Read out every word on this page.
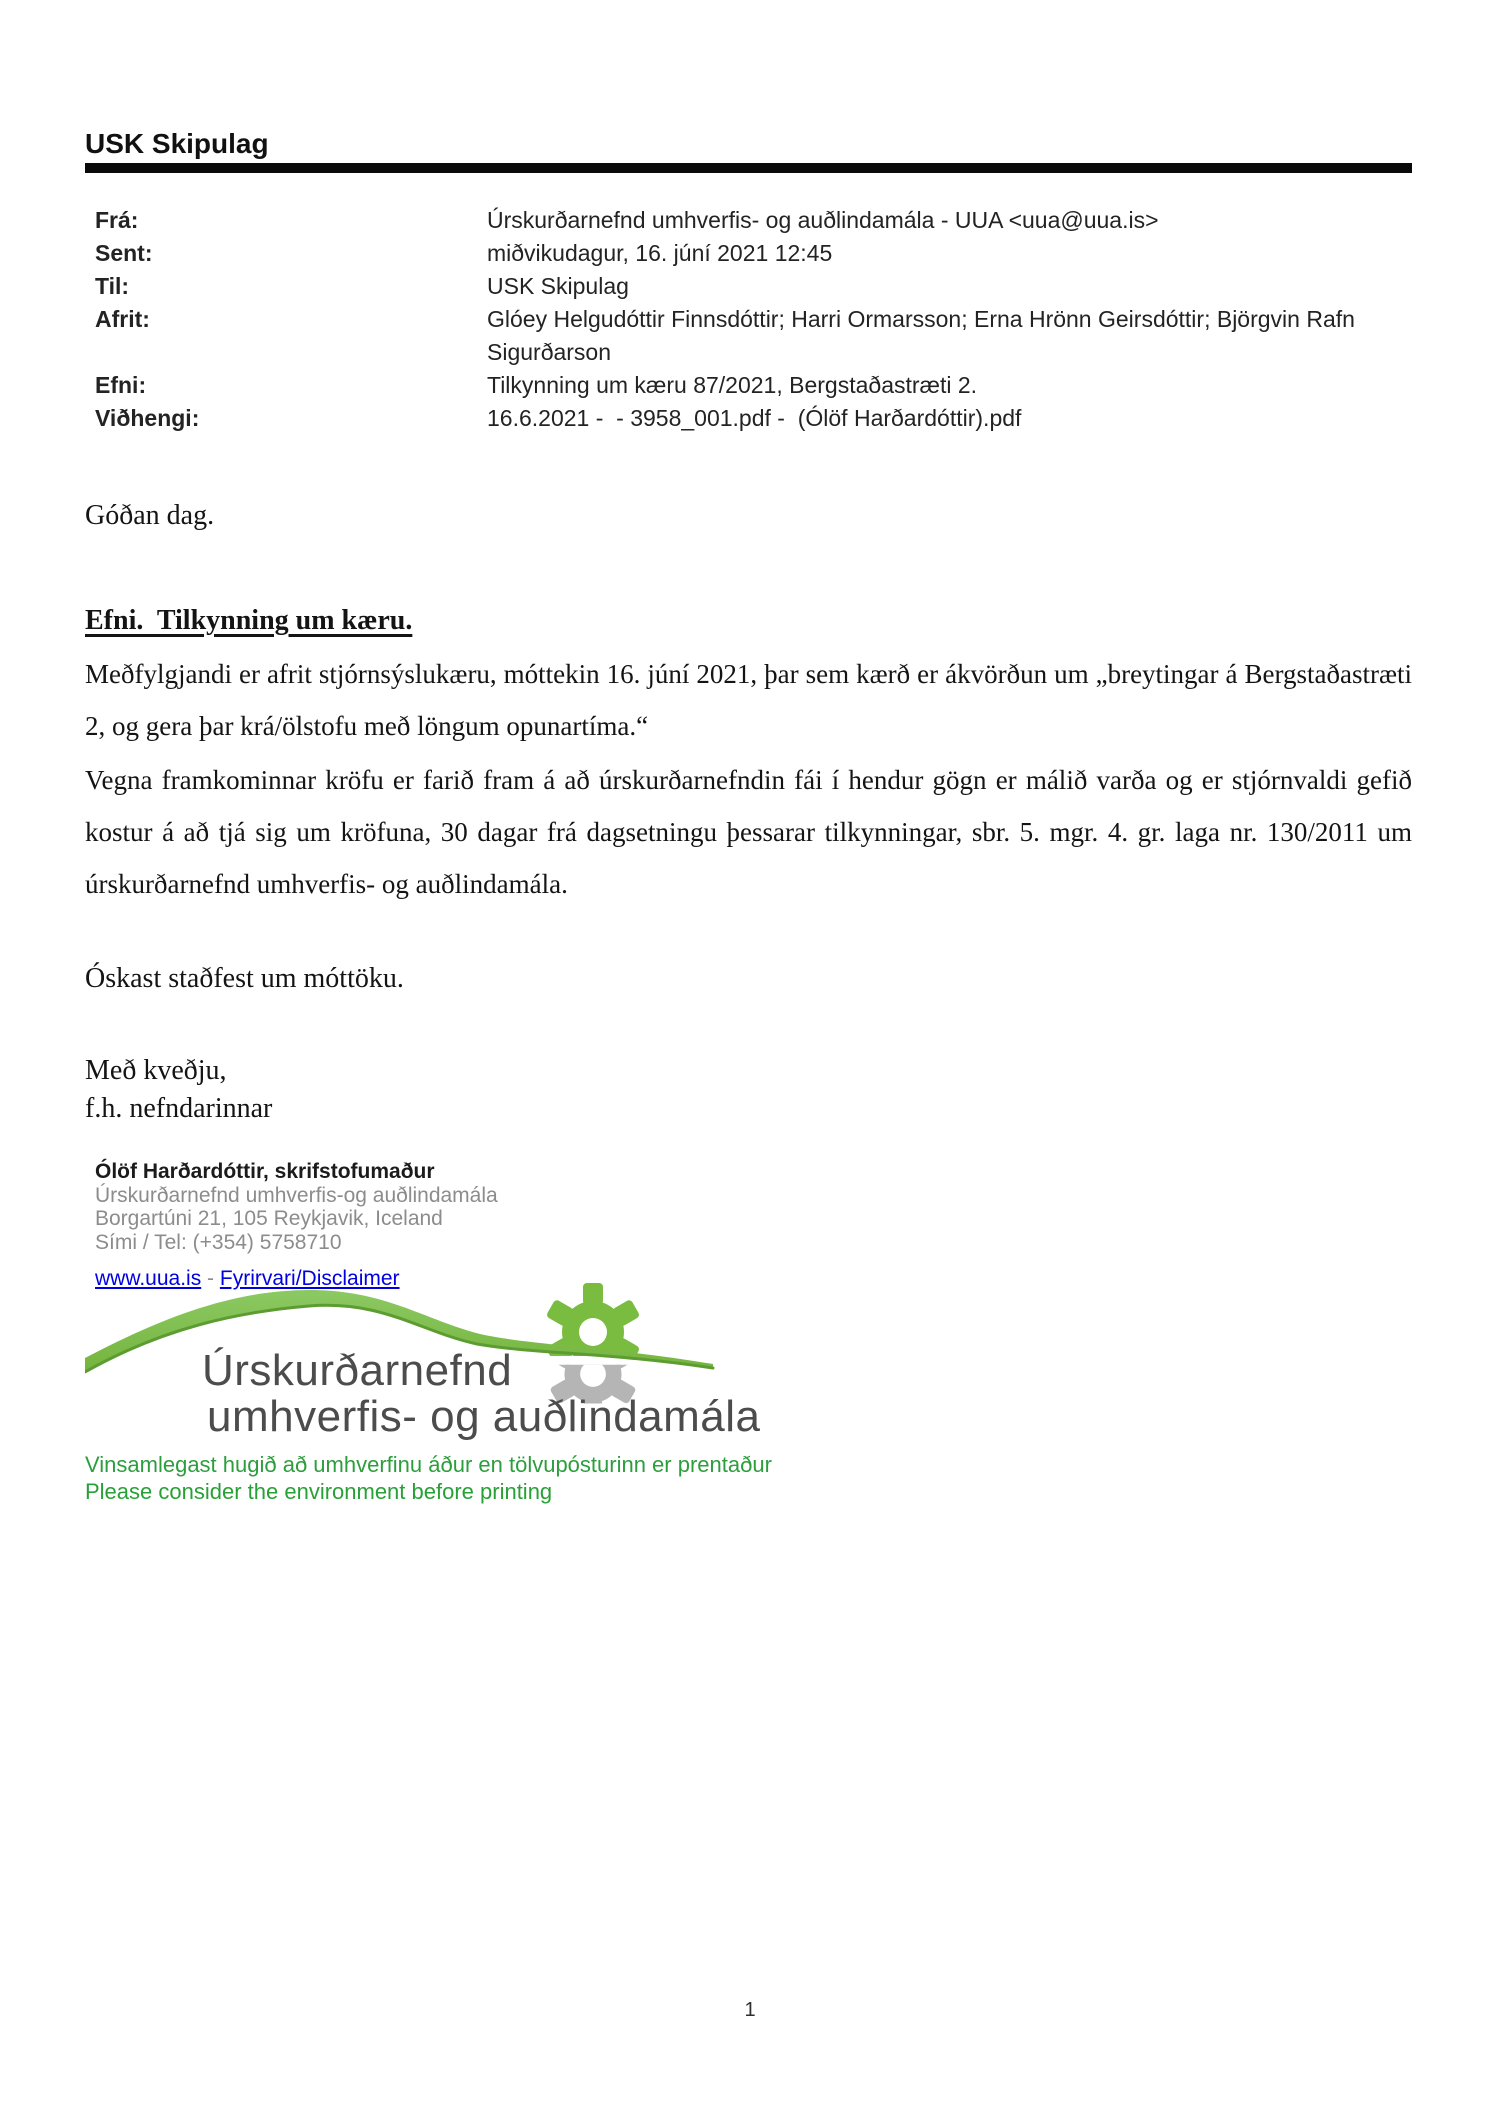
USK Skipulag
Frá:	Úrskurðarnefnd umhverfis- og auðlindamála - UUA <uua@uua.is>
Sent:	miðvikudagur, 16. júní 2021 12:45
Til:	USK Skipulag
Afrit:	Glóey Helgudóttir Finnsdóttir; Harri Ormarsson; Erna Hrönn Geirsdóttir; Björgvin Rafn Sigurðarson
Efni:	Tilkynning um kæru 87/2021, Bergstaðastræti 2.
Viðhengi:	16.6.2021 -  - 3958_001.pdf -  (Ólöf Harðardóttir).pdf
Góðan dag.
Efni.  Tilkynning um kæru.
Meðfylgjandi er afrit stjórnsýslukæru, móttekin 16. júní 2021, þar sem kærð er ákvörðun um „breytingar á Bergstaðastræti 2, og gera þar krá/ölstofu með löngum opunartíma.“
Vegna framkominnar kröfu er farið fram á að úrskurðarnefndin fái í hendur gögn er málið varða og er stjórnvaldi gefið kostur á að tjá sig um kröfuna, 30 dagar frá dagsetningu þessarar tilkynningar, sbr. 5. mgr. 4. gr. laga nr. 130/2011 um úrskurðarnefnd umhverfis- og auðlindamála.
Óskast staðfest um móttöku.
Með kveðju,
f.h. nefndarinnar
Ólöf Harðardóttir, skrifstofumaður
Úrskurðarnefnd umhverfis-og auðlindamála
Borgartúni 21, 105 Reykjavik, Iceland
Sími / Tel: (+354) 5758710
www.uua.is - Fyrirvari/Disclaimer
Úrskurðarnefnd
umhverfis- og auðlindamála
Vinsamlegast hugið að umhverfinu áður en tölvupósturinn er prentaður
Please consider the environment before printing
1
